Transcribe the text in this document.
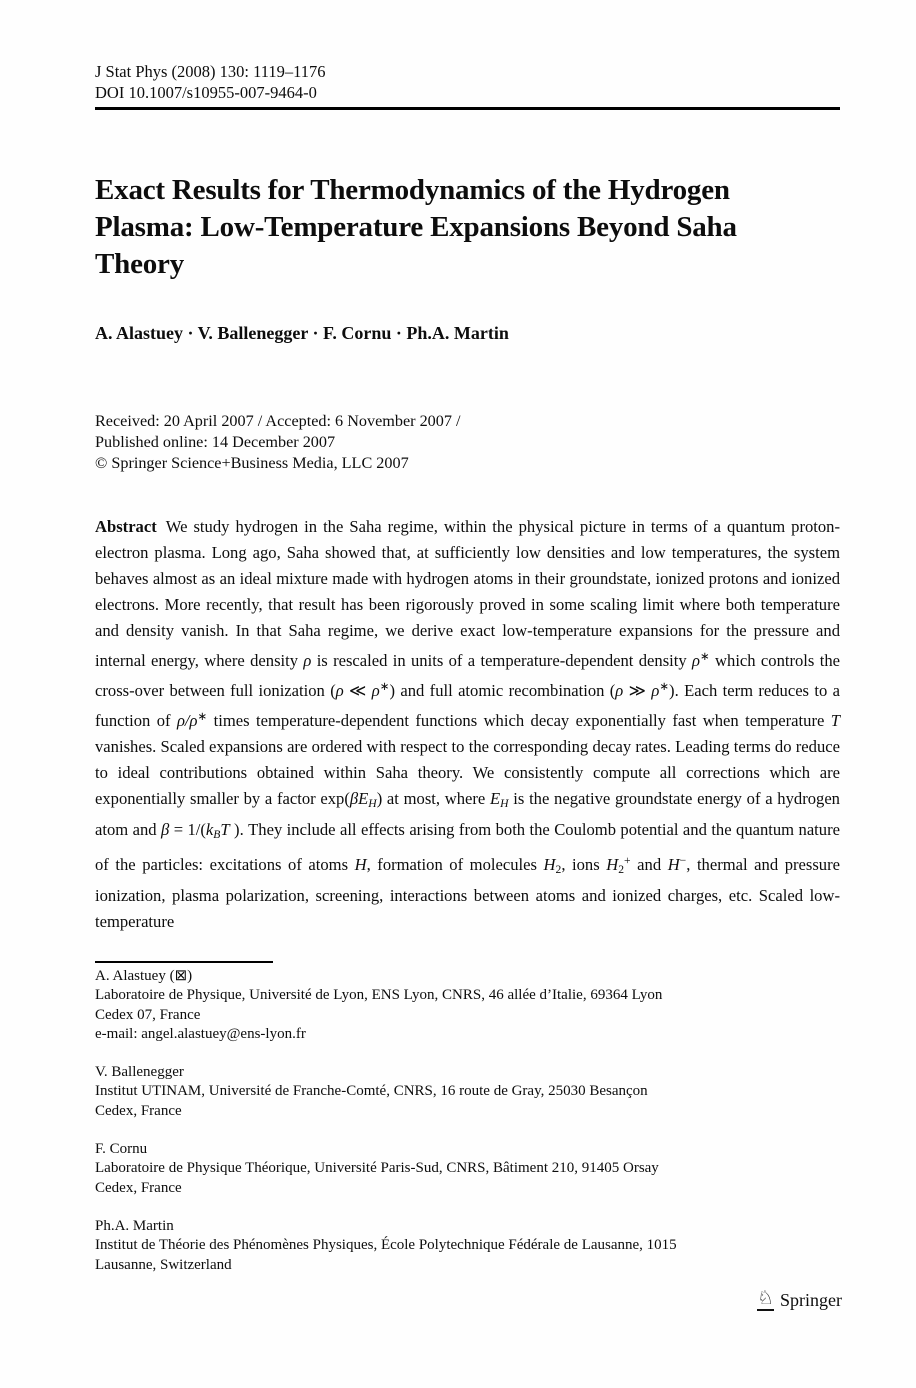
J Stat Phys (2008) 130: 1119–1176
DOI 10.1007/s10955-007-9464-0
Exact Results for Thermodynamics of the Hydrogen
Plasma: Low-Temperature Expansions Beyond Saha
Theory
A. Alastuey · V. Ballenegger · F. Cornu · Ph.A. Martin
Received: 20 April 2007 / Accepted: 6 November 2007 /
Published online: 14 December 2007
© Springer Science+Business Media, LLC 2007

Abstract We study hydrogen in the Saha regime, within the physical picture in terms of a quantum proton-electron plasma. Long ago, Saha showed that, at sufficiently low densities and low temperatures, the system behaves almost as an ideal mixture made with hydrogen atoms in their groundstate, ionized protons and ionized electrons. More recently, that result has been rigorously proved in some scaling limit where both temperature and density vanish. In that Saha regime, we derive exact low-temperature expansions for the pressure and internal energy, where density ρ is rescaled in units of a temperature-dependent density ρ∗ which controls the cross-over between full ionization (ρ ≪ ρ∗) and full atomic recombination (ρ ≫ ρ∗). Each term reduces to a function of ρ/ρ∗ times temperature-dependent functions which decay exponentially fast when temperature T vanishes. Scaled expansions are ordered with respect to the corresponding decay rates. Leading terms do reduce to ideal contributions obtained within Saha theory. We consistently compute all corrections which are exponentially smaller by a factor exp(βEH) at most, where EH is the negative groundstate energy of a hydrogen atom and β = 1/(kBT ). They include all effects arising from both the Coulomb potential and the quantum nature of the particles: excitations of atoms H, formation of molecules H2, ions H2+ and H−, thermal and pressure ionization, plasma polarization, screening, interactions between atoms and ionized charges, etc. Scaled low-temperature

A. Alastuey (⊠)
Laboratoire de Physique, Université de Lyon, ENS Lyon, CNRS, 46 allée d’Italie, 69364 Lyon
Cedex 07, France
e-mail: angel.alastuey@ens-lyon.fr
V. Ballenegger
Institut UTINAM, Université de Franche-Comté, CNRS, 16 route de Gray, 25030 Besançon
Cedex, France
F. Cornu
Laboratoire de Physique Théorique, Université Paris-Sud, CNRS, Bâtiment 210, 91405 Orsay
Cedex, France
Ph.A. Martin
Institut de Théorie des Phénomènes Physiques, École Polytechnique Fédérale de Lausanne, 1015
Lausanne, Switzerland
♘ Springer
